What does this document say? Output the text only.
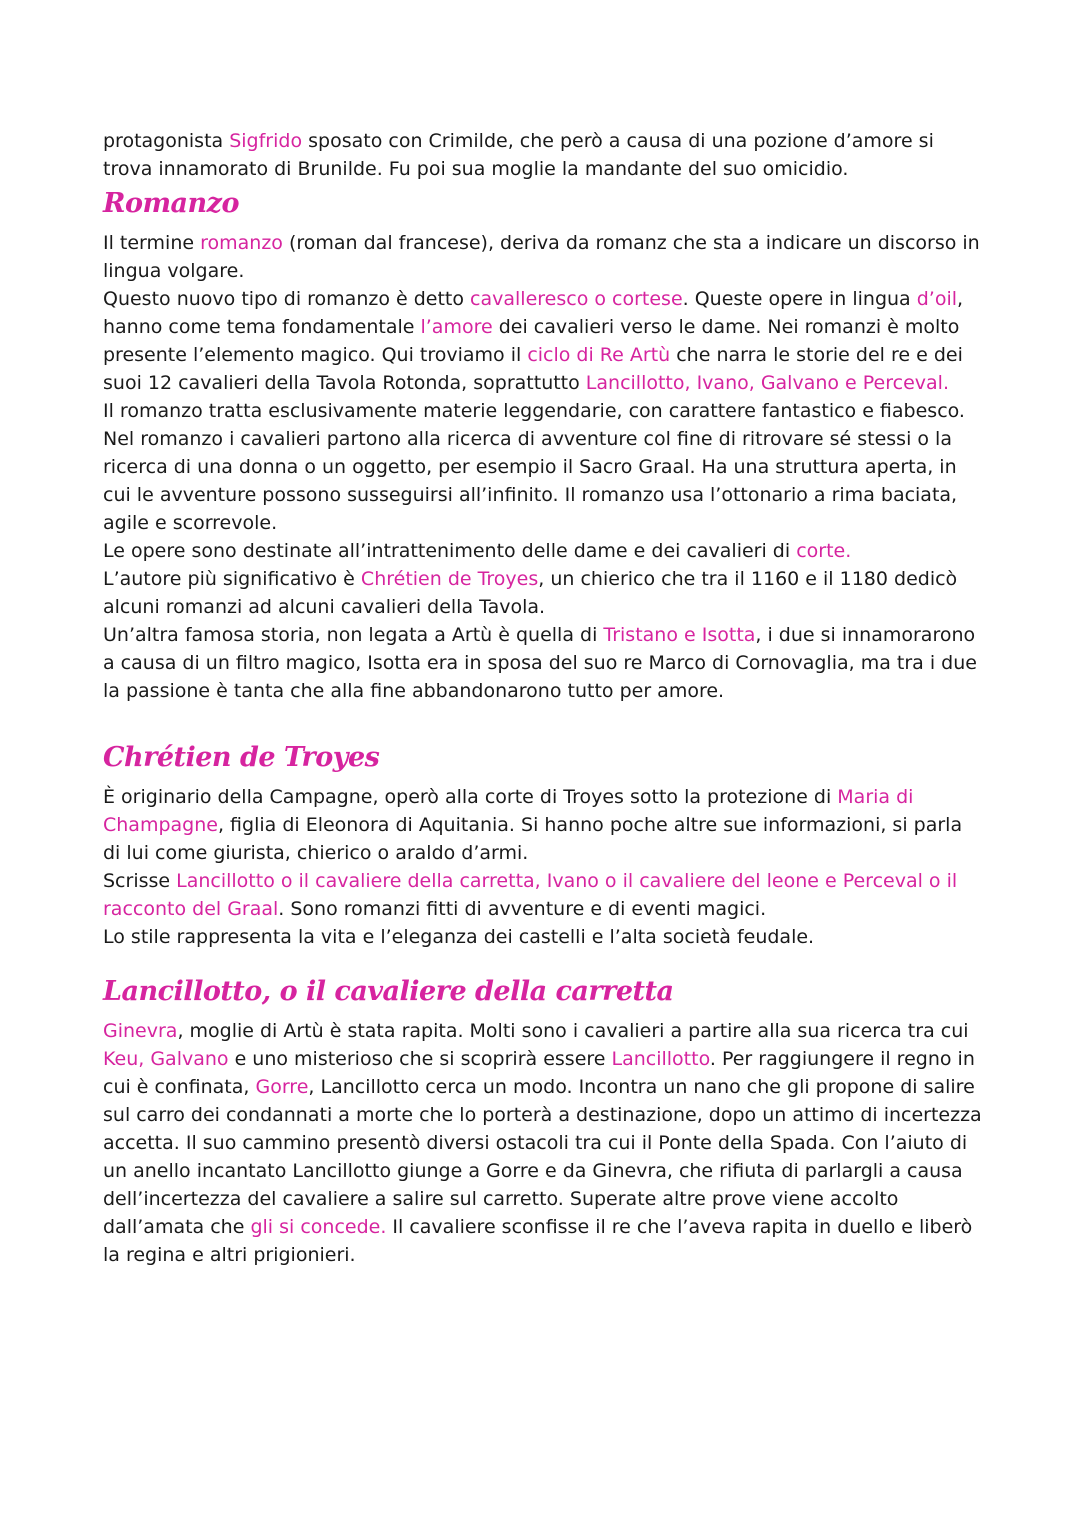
protagonista Sigfrido sposato con Crimilde, che però a causa di una pozione d’amore si trova innamorato di Brunilde. Fu poi sua moglie la mandante del suo omicidio.

Romanzo

Il termine romanzo (roman dal francese), deriva da romanz che sta a indicare un discorso in lingua volgare.

Questo nuovo tipo di romanzo è detto cavalleresco o cortese. Queste opere in lingua d’oil, hanno come tema fondamentale l’amore dei cavalieri verso le dame. Nei romanzi è molto presente l’elemento magico. Qui troviamo il ciclo di Re Artù che narra le storie del re e dei suoi 12 cavalieri della Tavola Rotonda, soprattutto Lancillotto, Ivano, Galvano e Perceval.

Il romanzo tratta esclusivamente materie leggendarie, con carattere fantastico e fiabesco. Nel romanzo i cavalieri partono alla ricerca di avventure col fine di ritrovare sé stessi o la ricerca di una donna o un oggetto, per esempio il Sacro Graal. Ha una struttura aperta, in cui le avventure possono susseguirsi all’infinito. Il romanzo usa l’ottonario a rima baciata, agile e scorrevole.

Le opere sono destinate all’intrattenimento delle dame e dei cavalieri di corte.

L’autore più significativo è Chrétien de Troyes, un chierico che tra il 1160 e il 1180 dedicò alcuni romanzi ad alcuni cavalieri della Tavola.

Un’altra famosa storia, non legata a Artù è quella di Tristano e Isotta, i due si innamorarono a causa di un filtro magico, Isotta era in sposa del suo re Marco di Cornovaglia, ma tra i due la passione è tanta che alla fine abbandonarono tutto per amore.

Chrétien de Troyes

È originario della Campagne, operò alla corte di Troyes sotto la protezione di Maria di Champagne, figlia di Eleonora di Aquitania. Si hanno poche altre sue informazioni, si parla di lui come giurista, chierico o araldo d’armi.

Scrisse Lancillotto o il cavaliere della carretta, Ivano o il cavaliere del leone e Perceval o il racconto del Graal. Sono romanzi fitti di avventure e di eventi magici.

Lo stile rappresenta la vita e l’eleganza dei castelli e l’alta società feudale.

Lancillotto, o il cavaliere della carretta

Ginevra, moglie di Artù è stata rapita. Molti sono i cavalieri a partire alla sua ricerca tra cui Keu, Galvano e uno misterioso che si scoprirà essere Lancillotto. Per raggiungere il regno in cui è confinata, Gorre, Lancillotto cerca un modo. Incontra un nano che gli propone di salire sul carro dei condannati a morte che lo porterà a destinazione, dopo un attimo di incertezza accetta. Il suo cammino presentò diversi ostacoli tra cui il Ponte della Spada. Con l’aiuto di un anello incantato Lancillotto giunge a Gorre e da Ginevra, che rifiuta di parlargli a causa dell’incertezza del cavaliere a salire sul carretto. Superate altre prove viene accolto dall’amata che gli si concede. Il cavaliere sconfisse il re che l’aveva rapita in duello e liberò la regina e altri prigionieri.
